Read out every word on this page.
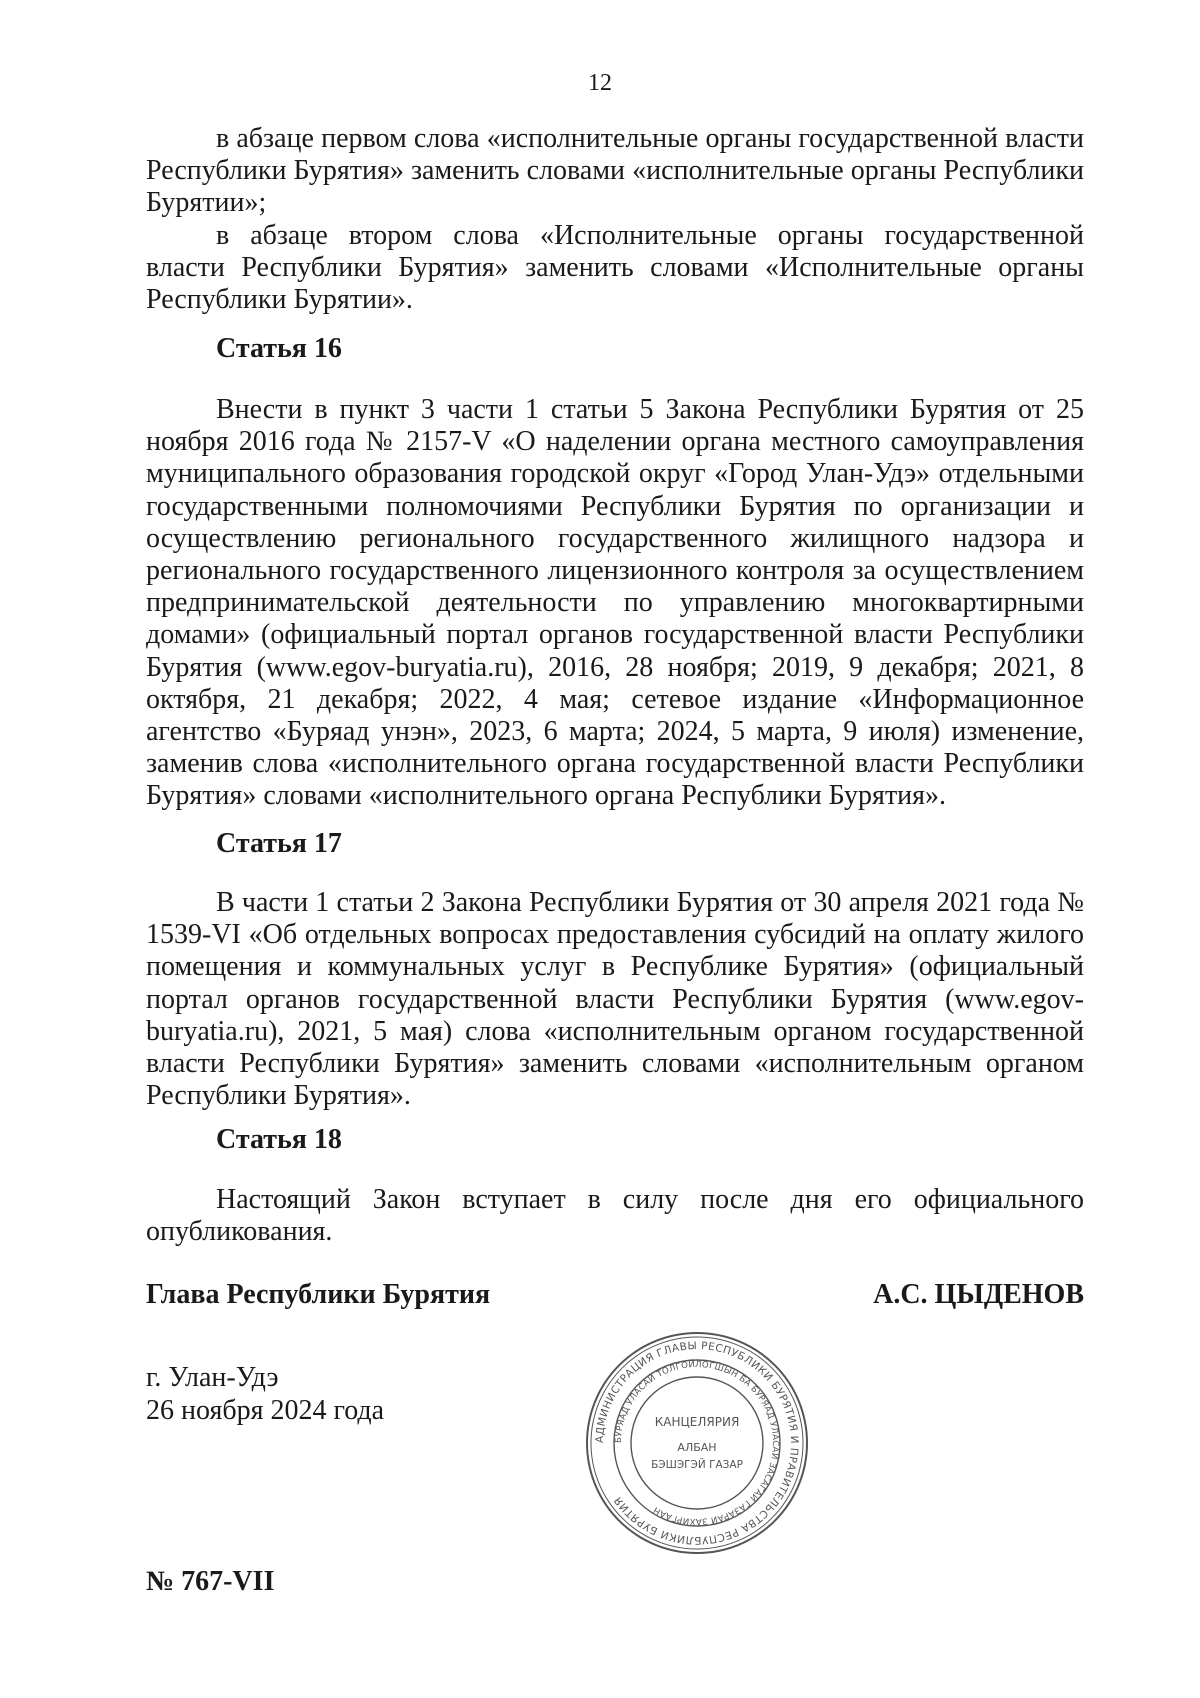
12

в абзаце первом слова «исполнительные органы государственной власти Республики Бурятия» заменить словами «исполнительные органы Республики Бурятии»;

в абзаце втором слова «Исполнительные органы государственной власти Республики Бурятия» заменить словами «Исполнительные органы Республики Бурятии».

Статья 16

Внести в пункт 3 части 1 статьи 5 Закона Республики Бурятия от 25 ноября 2016 года № 2157-V «О наделении органа местного самоуправления муниципального образования городской округ «Город Улан-Удэ» отдельными государственными полномочиями Республики Бурятия по организации и осуществлению регионального государственного жилищного надзора и регионального государственного лицензионного контроля за осуществлением предпринимательской деятельности по управлению многоквартирными домами» (официальный портал органов государственной власти Республики Бурятия (www.egov-buryatia.ru), 2016, 28 ноября; 2019, 9 декабря; 2021, 8 октября, 21 декабря; 2022, 4 мая; сетевое издание «Информационное агентство «Буряад унэн», 2023, 6 марта; 2024, 5 марта, 9 июля) изменение, заменив слова «исполнительного органа государственной власти Республики Бурятия» словами «исполнительного органа Республики Бурятия».

Статья 17

В части 1 статьи 2 Закона Республики Бурятия от 30 апреля 2021 года № 1539-VI «Об отдельных вопросах предоставления субсидий на оплату жилого помещения и коммунальных услуг в Республике Бурятия» (официальный портал органов государственной власти Республики Бурятия (www.egov-buryatia.ru), 2021, 5 мая) слова «исполнительным органом государственной власти Республики Бурятия» заменить словами «исполнительным органом Республики Бурятия».

Статья 18

Настоящий Закон вступает в силу после дня его официального опубликования.

Глава Республики Бурятия	А.С. ЦЫДЕНОВ
г. Улан-Удэ
26 ноября 2024 года
№ 767-VII
АДМИНИСТРАЦИЯ ГЛАВЫ РЕСПУБЛИКИ БУРЯТИЯ И ПРАВИТЕЛЬСТВА РЕСПУБЛИКИ БУРЯТИЯ
БУРЯАД УЛАСАЙ ТОЛГОЙЛОГШЫН БА БУРЯАД УЛАСАЙ ЗАСАГАЙ ГАЗАРАЙ ЗАХИРГААН
КАНЦЕЛЯРИЯ
АЛБАН
БЭШЭГЭЙ ГАЗАР
